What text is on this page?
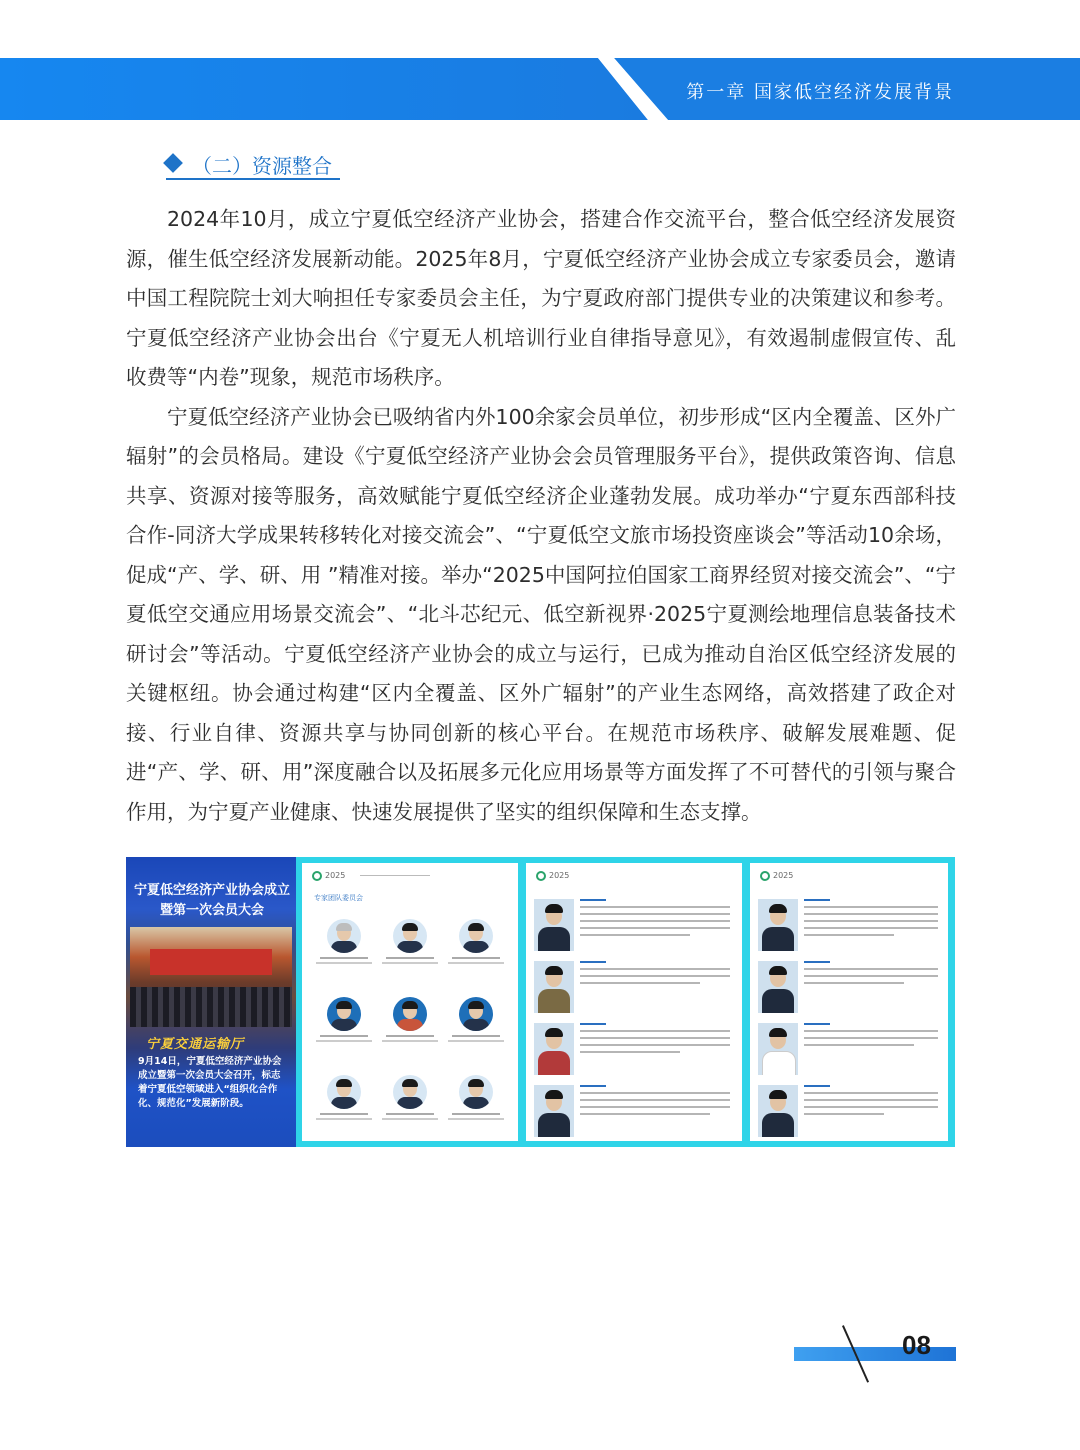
第一章 国家低空经济发展背景
（二）资源整合

2024年10月，成立宁夏低空经济产业协会，搭建合作交流平台，整合低空经济发展资源，催生低空经济发展新动能。2025年8月，宁夏低空经济产业协会成立专家委员会，邀请中国工程院院士刘大响担任专家委员会主任，为宁夏政府部门提供专业的决策建议和参考。宁夏低空经济产业协会出台《宁夏无人机培训行业自律指导意见》，有效遏制虚假宣传、乱收费等“内卷”现象，规范市场秩序。

宁夏低空经济产业协会已吸纳省内外100余家会员单位，初步形成“区内全覆盖、区外广辐射”的会员格局。建设《宁夏低空经济产业协会会员管理服务平台》，提供政策咨询、信息共享、资源对接等服务，高效赋能宁夏低空经济企业蓬勃发展。成功举办“宁夏东西部科技合作-同济大学成果转移转化对接交流会”、“宁夏低空文旅市场投资座谈会”等活动10余场，促成“产、学、研、用 ”精准对接。举办“2025中国阿拉伯国家工商界经贸对接交流会”、“宁夏低空交通应用场景交流会”、“北斗芯纪元、低空新视界·2025宁夏测绘地理信息装备技术研讨会”等活动。宁夏低空经济产业协会的成立与运行，已成为推动自治区低空经济发展的关键枢纽。协会通过构建“区内全覆盖、区外广辐射”的产业生态网络，高效搭建了政企对接、行业自律、资源共享与协同创新的核心平台。在规范市场秩序、破解发展难题、促进“产、学、研、用”深度融合以及拓展多元化应用场景等方面发挥了不可替代的引领与聚合作用，为宁夏产业健康、快速发展提供了坚实的组织保障和生态支撑。

宁夏低空经济产业协会成立暨第一次会员大会
宁夏交通运输厅
9月14日，宁夏低空经济产业协会成立暨第一次会员大会召开，标志着宁夏低空领域进入“组织化合作化、规范化”发展新阶段。
2025
专家团队委员会
2025	2025
08
